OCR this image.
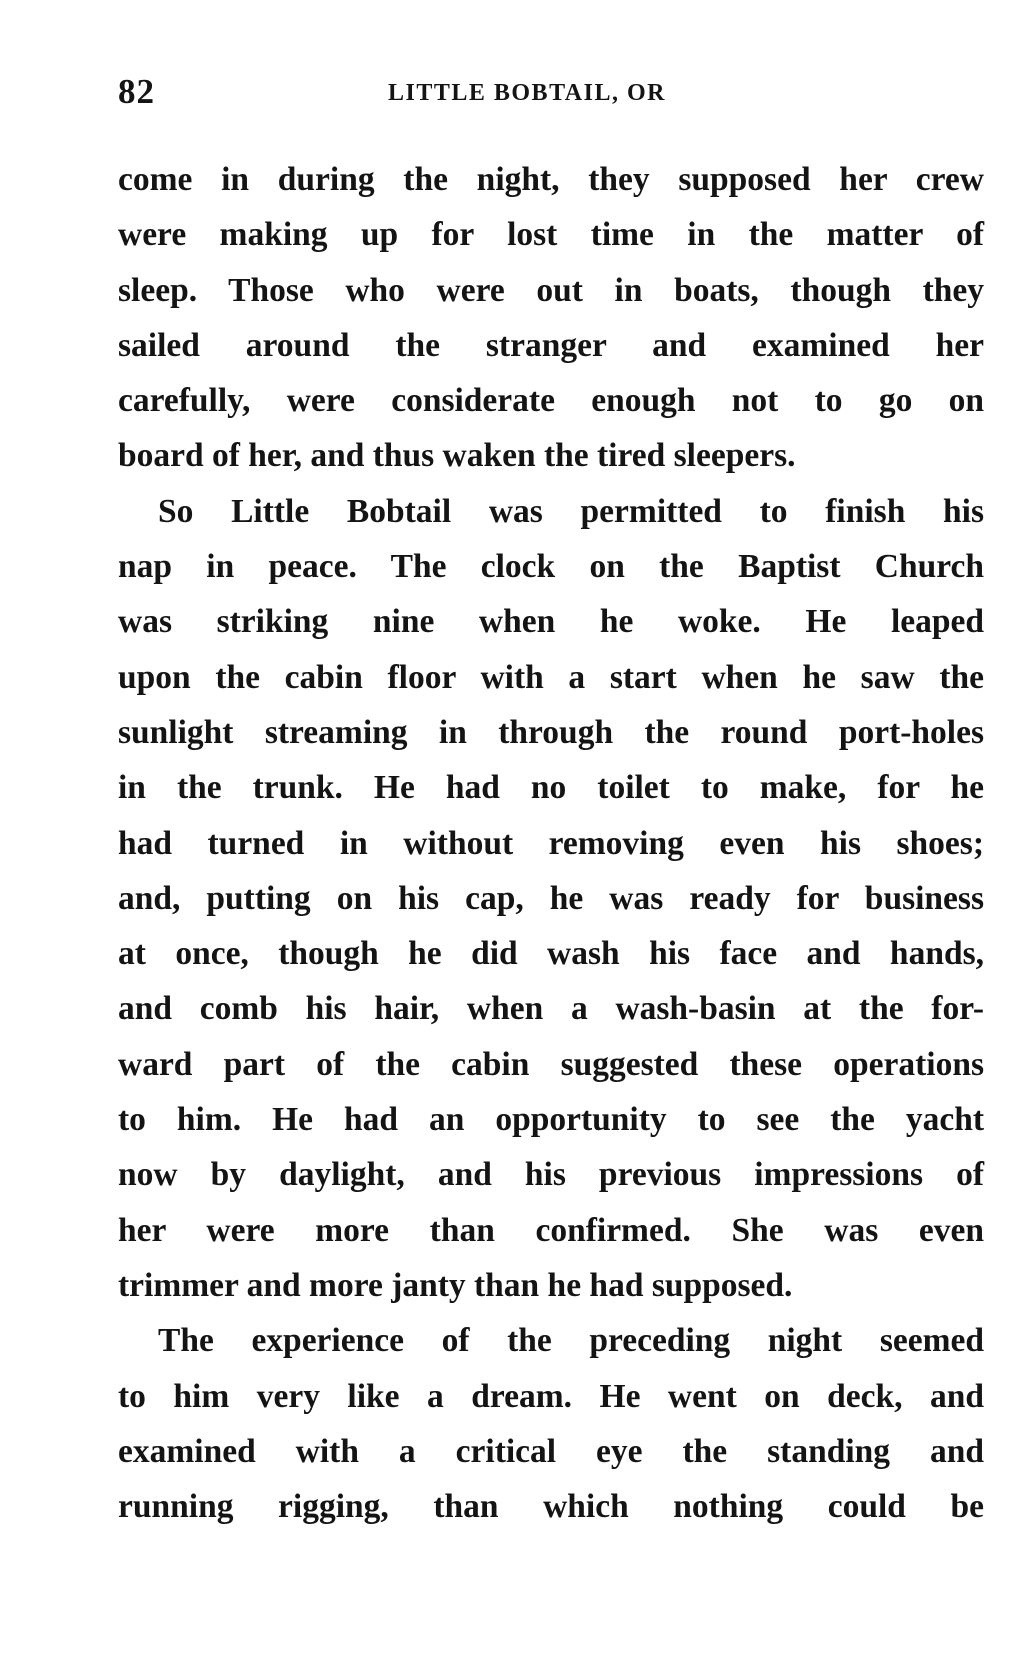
82	LITTLE BOBTAIL, OR
come in during the night, they supposed her crew
were making up for lost time in the matter of
sleep. Those who were out in boats, though they
sailed around the stranger and examined her
carefully, were considerate enough not to go on
board of her, and thus waken the tired sleepers.
So Little Bobtail was permitted to finish his
nap in peace. The clock on the Baptist Church
was striking nine when he woke. He leaped
upon the cabin floor with a start when he saw the
sunlight streaming in through the round port-holes
in the trunk. He had no toilet to make, for he
had turned in without removing even his shoes;
and, putting on his cap, he was ready for business
at once, though he did wash his face and hands,
and comb his hair, when a wash-basin at the for-
ward part of the cabin suggested these operations
to him. He had an opportunity to see the yacht
now by daylight, and his previous impressions of
her were more than confirmed. She was even
trimmer and more janty than he had supposed.
The experience of the preceding night seemed
to him very like a dream. He went on deck, and
examined with a critical eye the standing and
running rigging, than which nothing could be
